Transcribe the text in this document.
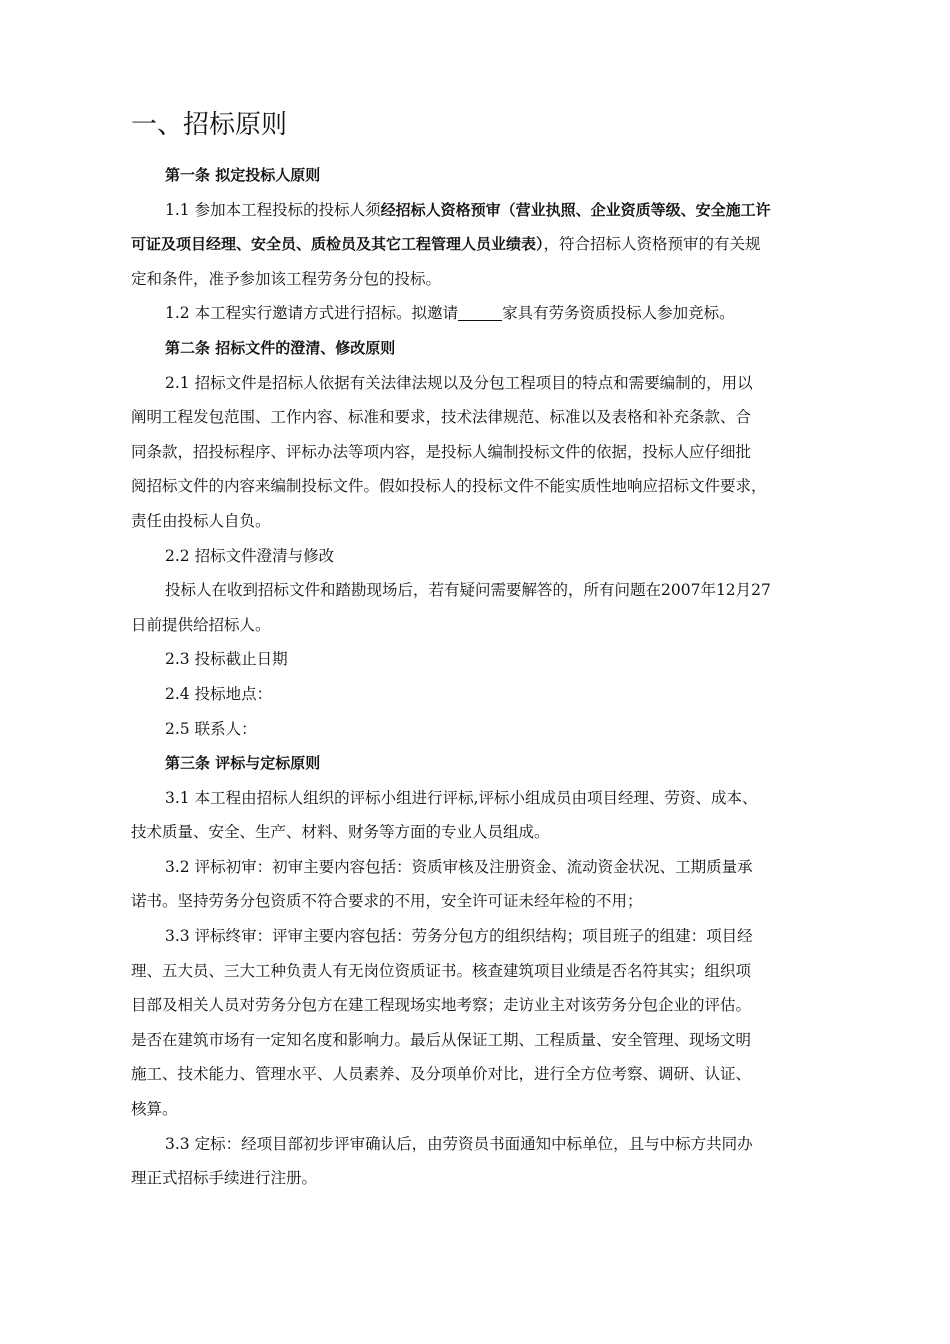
一、招标原则
第一条 拟定投标人原则
1.1 参加本工程投标的投标人须经招标人资格预审（营业执照、企业资质等级、安全施工许
可证及项目经理、安全员、质检员及其它工程管理人员业绩表），符合招标人资格预审的有关规
定和条件，准予参加该工程劳务分包的投标。
1.2 本工程实行邀请方式进行招标。拟邀请	家具有劳务资质投标人参加竞标。
第二条 招标文件的澄清、修改原则
2.1 招标文件是招标人依据有关法律法规以及分包工程项目的特点和需要编制的，用以
阐明工程发包范围、工作内容、标准和要求，技术法律规范、标准以及表格和补充条款、合
同条款，招投标程序、评标办法等项内容，是投标人编制投标文件的依据，投标人应仔细批
阅招标文件的内容来编制投标文件。假如投标人的投标文件不能实质性地响应招标文件要求，
责任由投标人自负。
2.2 招标文件澄清与修改
投标人在收到招标文件和踏勘现场后，若有疑问需要解答的，所有问题在2007年12月27
日前提供给招标人。
2.3 投标截止日期
2.4 投标地点：
2.5 联系人：
第三条 评标与定标原则
3.1 本工程由招标人组织的评标小组进行评标,评标小组成员由项目经理、劳资、成本、
技术质量、安全、生产、材料、财务等方面的专业人员组成。
3.2 评标初审：初审主要内容包括：资质审核及注册资金、流动资金状况、工期质量承
诺书。坚持劳务分包资质不符合要求的不用，安全许可证未经年检的不用；
3.3 评标终审：评审主要内容包括：劳务分包方的组织结构；项目班子的组建：项目经
理、五大员、三大工种负责人有无岗位资质证书。核查建筑项目业绩是否名符其实；组织项
目部及相关人员对劳务分包方在建工程现场实地考察；走访业主对该劳务分包企业的评估。
是否在建筑市场有一定知名度和影响力。最后从保证工期、工程质量、安全管理、现场文明
施工、技术能力、管理水平、人员素养、及分项单价对比，进行全方位考察、调研、认证、
核算。
3.3 定标：经项目部初步评审确认后，由劳资员书面通知中标单位，且与中标方共同办
理正式招标手续进行注册。
